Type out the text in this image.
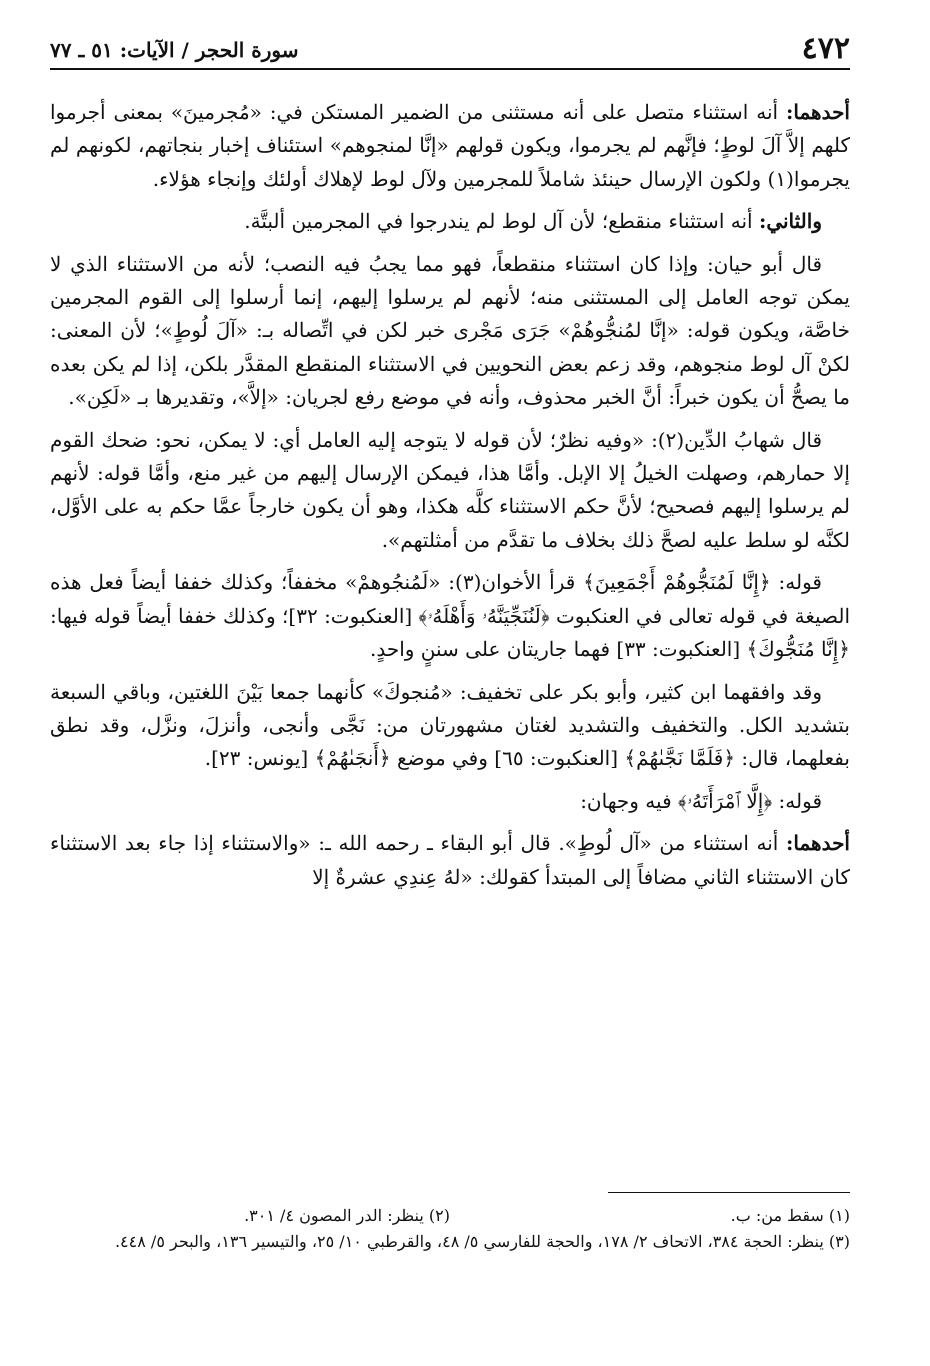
٤٧٢
سورة الحجر / الآيات: ٥١ ـ ٧٧

أحدهما: أنه استثناء متصل على أنه مستثنى من الضمير المستكن في: «مُجرمينَ» بمعنى أجرموا كلهم إلاَّ آلَ لوطٍ؛ فإنَّهم لم يجرموا، ويكون قولهم «إنَّا لمنجوهم» استئناف إخبار بنجاتهم، لكونهم لم يجرموا(١) ولكون الإرسال حينئذ شاملاً للمجرمين ولآل لوط لإهلاك أولئك وإنجاء هؤلاء.

والثاني: أنه استثناء منقطع؛ لأن آل لوط لم يندرجوا في المجرمين ألبتَّة.

قال أبو حيان: وإذا كان استثناء منقطعاً، فهو مما يجبُ فيه النصب؛ لأنه من الاستثناء الذي لا يمكن توجه العامل إلى المستثنى منه؛ لأنهم لم يرسلوا إليهم، إنما أرسلوا إلى القوم المجرمين خاصَّة، ويكون قوله: «إنَّا لمُنجُّوهُمْ» جَرَى مَجْرى خبر لكن في اتِّصاله بـ: «آلَ لُوطٍ»؛ لأن المعنى: لكنْ آل لوط منجوهم، وقد زعم بعض النحويين في الاستثناء المنقطع المقدَّر بلكن، إذا لم يكن بعده ما يصحُّ أن يكون خبراً: أنَّ الخبر محذوف، وأنه في موضع رفع لجريان: «إلاَّ»، وتقديرها بـ «لَكِن».

قال شهابُ الدِّين(٢): «وفيه نظرٌ؛ لأن قوله لا يتوجه إليه العامل أي: لا يمكن، نحو: ضحك القوم إلا حمارهم، وصهلت الخيلُ إلا الإبل. وأمَّا هذا، فيمكن الإرسال إليهم من غير منع، وأمَّا قوله: لأنهم لم يرسلوا إليهم فصحيح؛ لأنَّ حكم الاستثناء كلَّه هكذا، وهو أن يكون خارجاً عمَّا حكم به على الأوَّل، لكنَّه لو سلط عليه لصحَّ ذلك بخلاف ما تقدَّم من أمثلتهم».

قوله: ﴿إِنَّا لَمُنَجُّوهُمْ أَجْمَعِينَ﴾ قرأ الأخوان(٣): «لَمُنجُوهمْ» مخففاً؛ وكذلك خففا أيضاً فعل هذه الصيغة في قوله تعالى في العنكبوت ﴿لَنُنَجِّيَنَّهُۥ وَأَهْلَهُۥ﴾ [العنكبوت: ٣٢]؛ وكذلك خففا أيضاً قوله فيها: ﴿إِنَّا مُنَجُّوكَ﴾ [العنكبوت: ٣٣] فهما جاريتان على سننٍ واحدٍ.

وقد وافقهما ابن كثير، وأبو بكر على تخفيف: «مُنجوكَ» كأنهما جمعا بَيْنَ اللغتين، وباقي السبعة بتشديد الكل. والتخفيف والتشديد لغتان مشهورتان من: نَجَّى وأنجى، وأنزلَ، ونزَّل، وقد نطق بفعلهما، قال: ﴿فَلَمَّا نَجَّىٰهُمْ﴾ [العنكبوت: ٦٥] وفي موضع ﴿أَنجَىٰهُمْ﴾ [يونس: ٢٣].

قوله: ﴿إِلَّا ٱمْرَأَتَهُۥ﴾ فيه وجهان:

أحدهما: أنه استثناء من «آل لُوطٍ». قال أبو البقاء ـ رحمه الله ـ: «والاستثناء إذا جاء بعد الاستثناء كان الاستثناء الثاني مضافاً إلى المبتدأ كقولك: «لهُ عِندِي عشرةٌ إلا

(١) سقط من: ب.
(٢) ينظر: الدر المصون ٤/ ٣٠١.
(٣) ينظر: الحجة ٣٨٤، الاتحاف ٢/ ١٧٨، والحجة للفارسي ٥/ ٤٨، والقرطبي ١٠/ ٢٥، والتيسير ١٣٦، والبحر ٥/ ٤٤٨.
